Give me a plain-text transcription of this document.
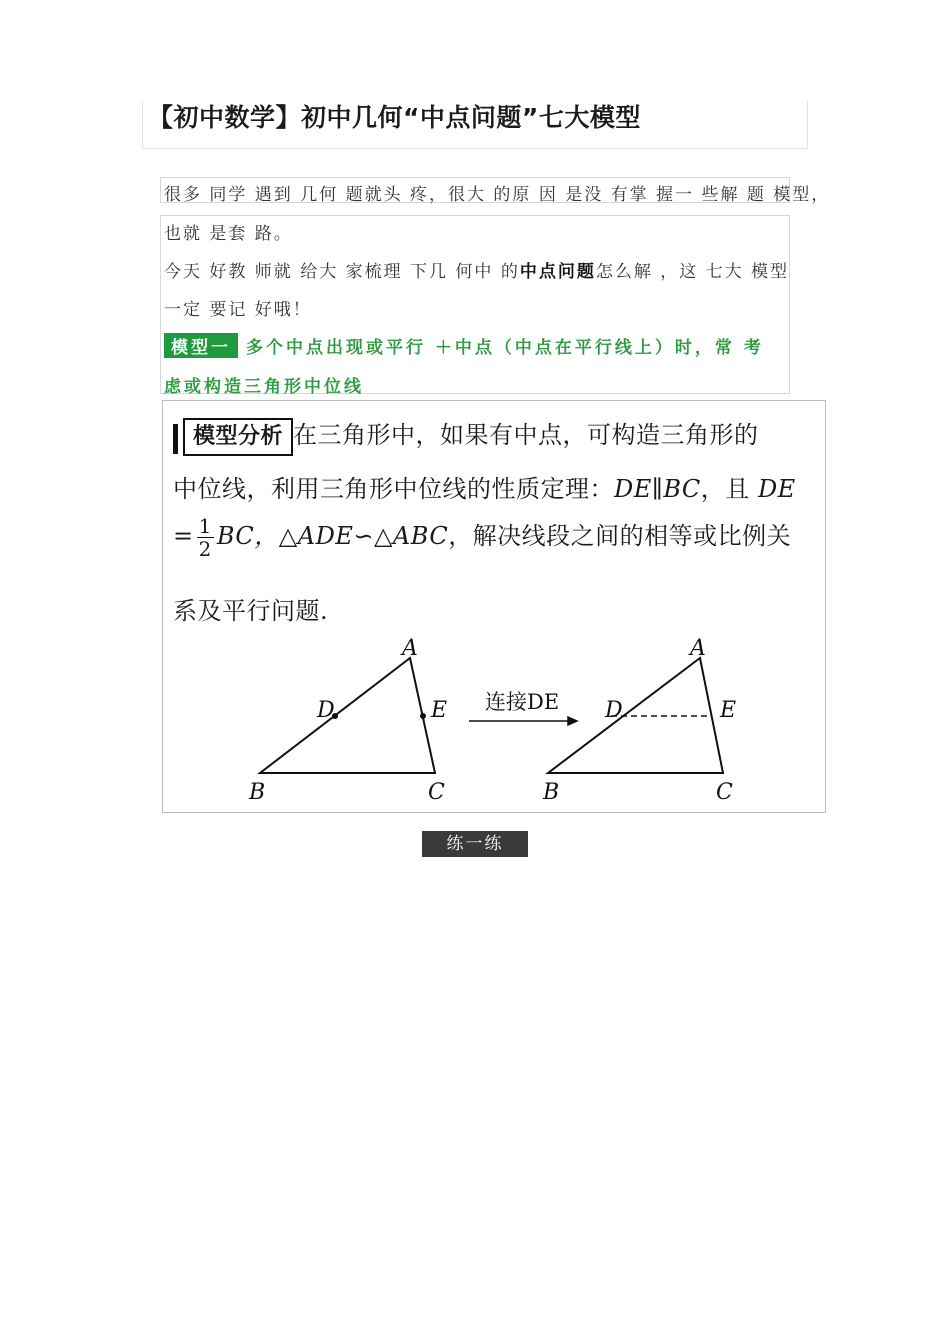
【初中数学】初中几何“中点问题”七大模型
很多 同学 遇到 几何 题就头 疼，很大 的原 因 是没 有掌 握一 些解 题 模型，
也就 是套 路。
今天 好教 师就 给大 家梳理 下几 何中 的中点问题怎么解 ，这 七大 模型
一定 要记 好哦！
模型一 多个中点出现或平行 ＋中点（中点在平行线上）时，常 考
虑或构造三角形中位线
模型分析 在三角形中，如果有中点，可构造三角形的
中位线，利用三角形中位线的性质定理：DE∥BC，且 DE
= $\frac{1}{2}$ BC，△ADE∽△ABC，解决线段之间的相等或比例关
系及平行问题.
A
B	C
D	E
A
B	C
D	E
连接DE
练一练
